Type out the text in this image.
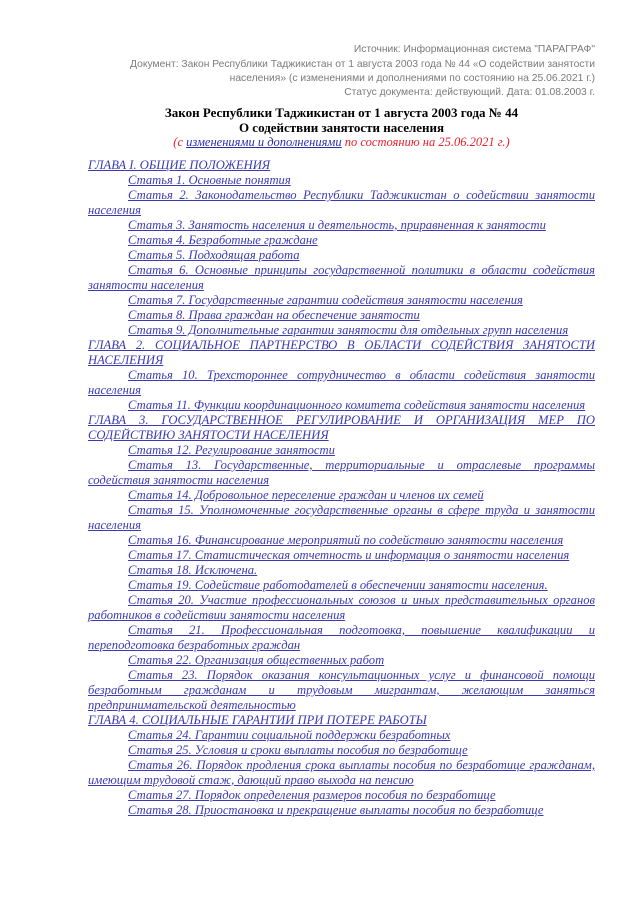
Источник: Информационная система "ПАРАГРАФ"
Документ: Закон Республики Таджикистан от 1 августа 2003 года № 44 «О содействии занятости населения» (с изменениями и дополнениями по состоянию на 25.06.2021 г.)
Статус документа: действующий. Дата: 01.08.2003 г.
Закон Республики Таджикистан от 1 августа 2003 года № 44
О содействии занятости населения
(с изменениями и дополнениями по состоянию на 25.06.2021 г.)
ГЛАВА I. ОБЩИЕ ПОЛОЖЕНИЯ
Статья 1. Основные понятия
Статья 2. Законодательство Республики Таджикистан о содействии занятости населения
Статья 3. Занятость населения и деятельность, приравненная к занятости
Статья 4. Безработные граждане
Статья 5. Подходящая работа
Статья 6. Основные принципы государственной политики в области содействия занятости населения
Статья 7. Государственные гарантии содействия занятости населения
Статья 8. Права граждан на обеспечение занятости
Статья 9. Дополнительные гарантии занятости для отдельных групп населения
ГЛАВА 2. СОЦИАЛЬНОЕ ПАРТНЕРСТВО В ОБЛАСТИ СОДЕЙСТВИЯ ЗАНЯТОСТИ НАСЕЛЕНИЯ
Статья 10. Трехстороннее сотрудничество в области содействия занятости населения
Статья 11. Функции координационного комитета содействия занятости населения
ГЛАВА 3. ГОСУДАРСТВЕННОЕ РЕГУЛИРОВАНИЕ И ОРГАНИЗАЦИЯ МЕР ПО СОДЕЙСТВИЮ ЗАНЯТОСТИ НАСЕЛЕНИЯ
Статья 12. Регулирование занятости
Статья 13. Государственные, территориальные и отраслевые программы содействия занятости населения
Статья 14. Добровольное переселение граждан и членов их семей
Статья 15. Уполномоченные государственные органы в сфере труда и занятости населения
Статья 16. Финансирование мероприятий по содействию занятости населения
Статья 17. Статистическая отчетность и информация о занятости населения
Статья 18. Исключена.
Статья 19. Содействие работодателей в обеспечении занятости населения.
Статья 20. Участие профессиональных союзов и иных представительных органов работников в содействии занятости населения
Статья 21. Профессиональная подготовка, повышение квалификации и переподготовка безработных граждан
Статья 22. Организация общественных работ
Статья 23. Порядок оказания консультационных услуг и финансовой помощи безработным гражданам и трудовым мигрантам, желающим заняться предпринимательской деятельностью
ГЛАВА 4. СОЦИАЛЬНЫЕ ГАРАНТИИ ПРИ ПОТЕРЕ РАБОТЫ
Статья 24. Гарантии социальной поддержки безработных
Статья 25. Условия и сроки выплаты пособия по безработице
Статья 26. Порядок продления срока выплаты пособия по безработице гражданам, имеющим трудовой стаж, дающий право выхода на пенсию
Статья 27. Порядок определения размеров пособия по безработице
Статья 28. Приостановка и прекращение выплаты пособия по безработице
